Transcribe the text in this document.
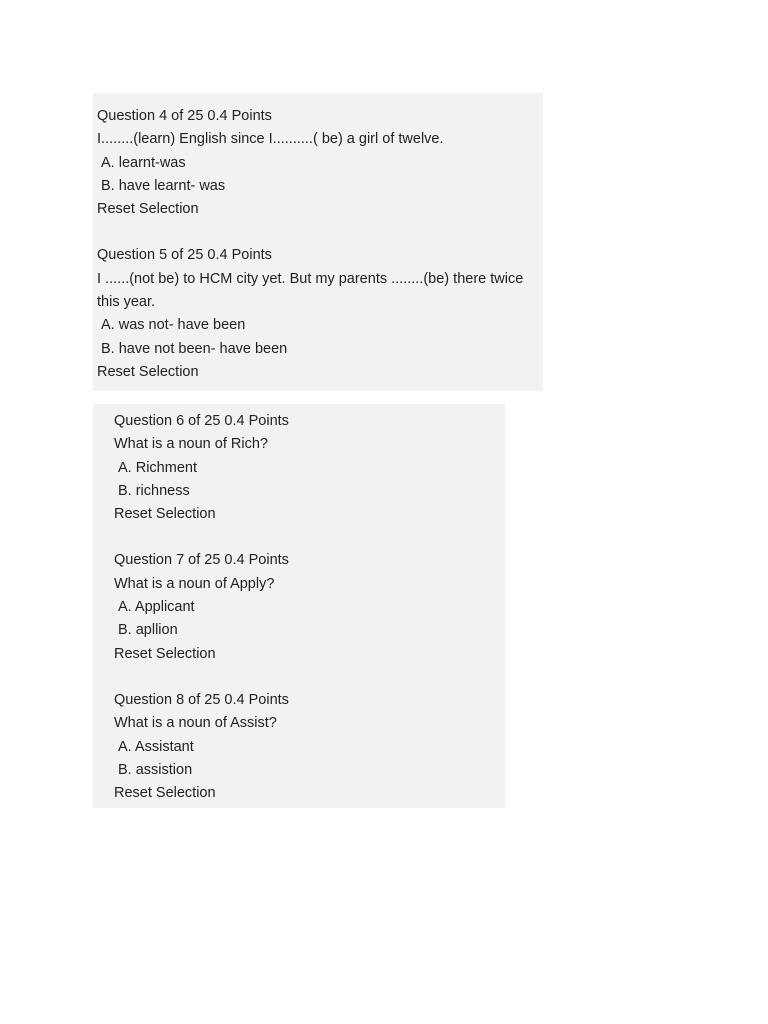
Question 4 of 25 0.4 Points
I........(learn) English since I..........( be) a girl of twelve.
A. learnt-was
B. have learnt- was
Reset Selection
Question 5 of 25 0.4 Points
I ......(not be) to HCM city yet. But my parents ........(be) there twice this year.
A. was not- have been
B. have not been- have been
Reset Selection
Question 6 of 25 0.4 Points
What is a noun of Rich?
A. Richment
B. richness
Reset Selection
Question 7 of 25 0.4 Points
What is a noun of Apply?
A. Applicant
B. apllion
Reset Selection
Question 8 of 25 0.4 Points
What is a noun of Assist?
A. Assistant
B. assistion
Reset Selection
